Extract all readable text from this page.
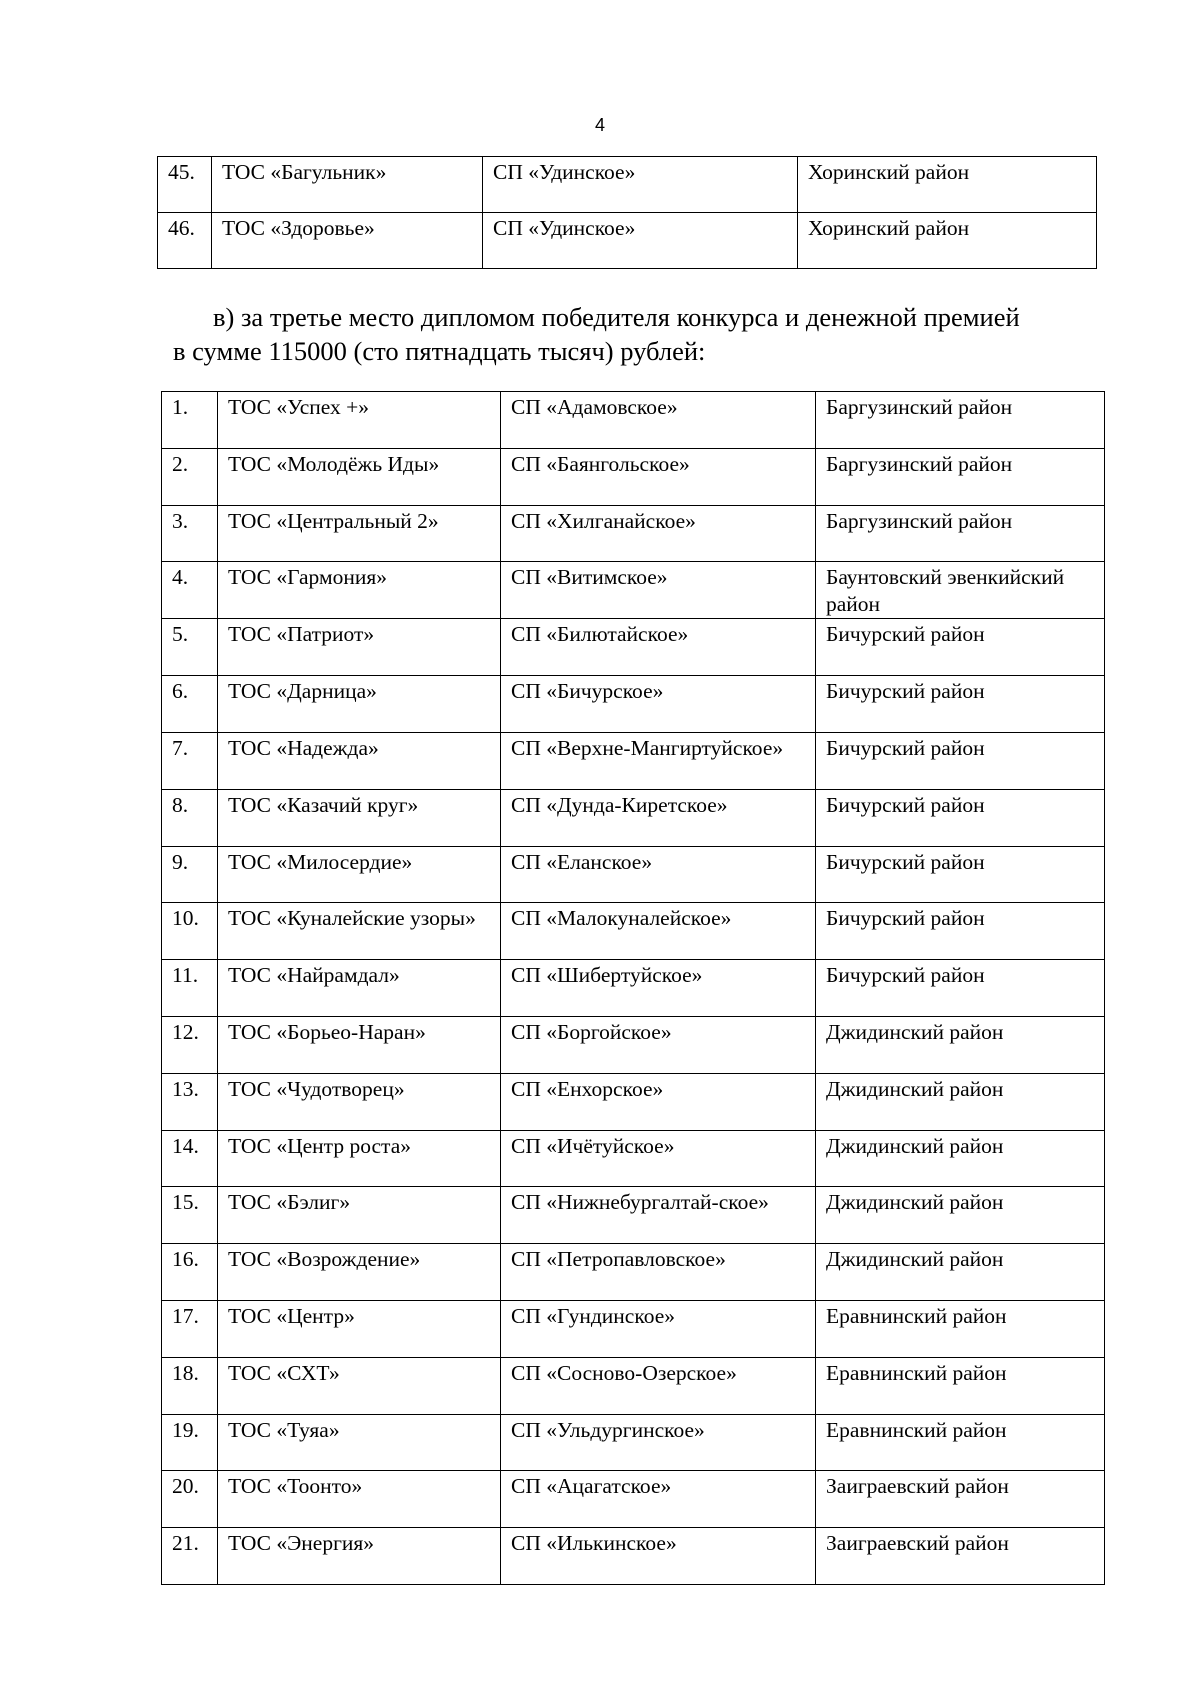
4
45.	ТОС «Багульник»	СП «Удинское»	Хоринский район
46.	ТОС «Здоровье»	СП «Удинское»	Хоринский район
в) за третье место дипломом победителя конкурса и денежной премией
в сумме 115000 (сто пятнадцать тысяч) рублей:
1.	ТОС «Успех +»	СП «Адамовское»	Баргузинский район
2.	ТОС «Молодёжь Иды»	СП «Баянгольское»	Баргузинский район
3.	ТОС «Центральный 2»	СП «Хилганайское»	Баргузинский район
4.	ТОС «Гармония»	СП «Витимское»	Баунтовский эвенкийский район
5.	ТОС «Патриот»	СП «Билютайское»	Бичурский район
6.	ТОС «Дарница»	СП «Бичурское»	Бичурский район
7.	ТОС «Надежда»	СП «Верхне-Мангиртуйское»	Бичурский район
8.	ТОС «Казачий круг»	СП «Дунда-Киретское»	Бичурский район
9.	ТОС «Милосердие»	СП «Еланское»	Бичурский район
10.	ТОС «Куналейские узоры»	СП «Малокуналейское»	Бичурский район
11.	ТОС «Найрамдал»	СП «Шибертуйское»	Бичурский район
12.	ТОС «Борьео-Наран»	СП «Боргойское»	Джидинский район
13.	ТОС «Чудотворец»	СП «Енхорское»	Джидинский район
14.	ТОС «Центр роста»	СП «Ичётуйское»	Джидинский район
15.	ТОС «Бэлиг»	СП «Нижнебургалтай-ское»	Джидинский район
16.	ТОС «Возрождение»	СП «Петропавловское»	Джидинский район
17.	ТОС «Центр»	СП «Гундинское»	Еравнинский район
18.	ТОС «СХТ»	СП «Сосново-Озерское»	Еравнинский район
19.	ТОС «Туяа»	СП «Ульдургинское»	Еравнинский район
20.	ТОС «Тоонто»	СП «Ацагатское»	Заиграевский район
21.	ТОС «Энергия»	СП «Илькинское»	Заиграевский район
